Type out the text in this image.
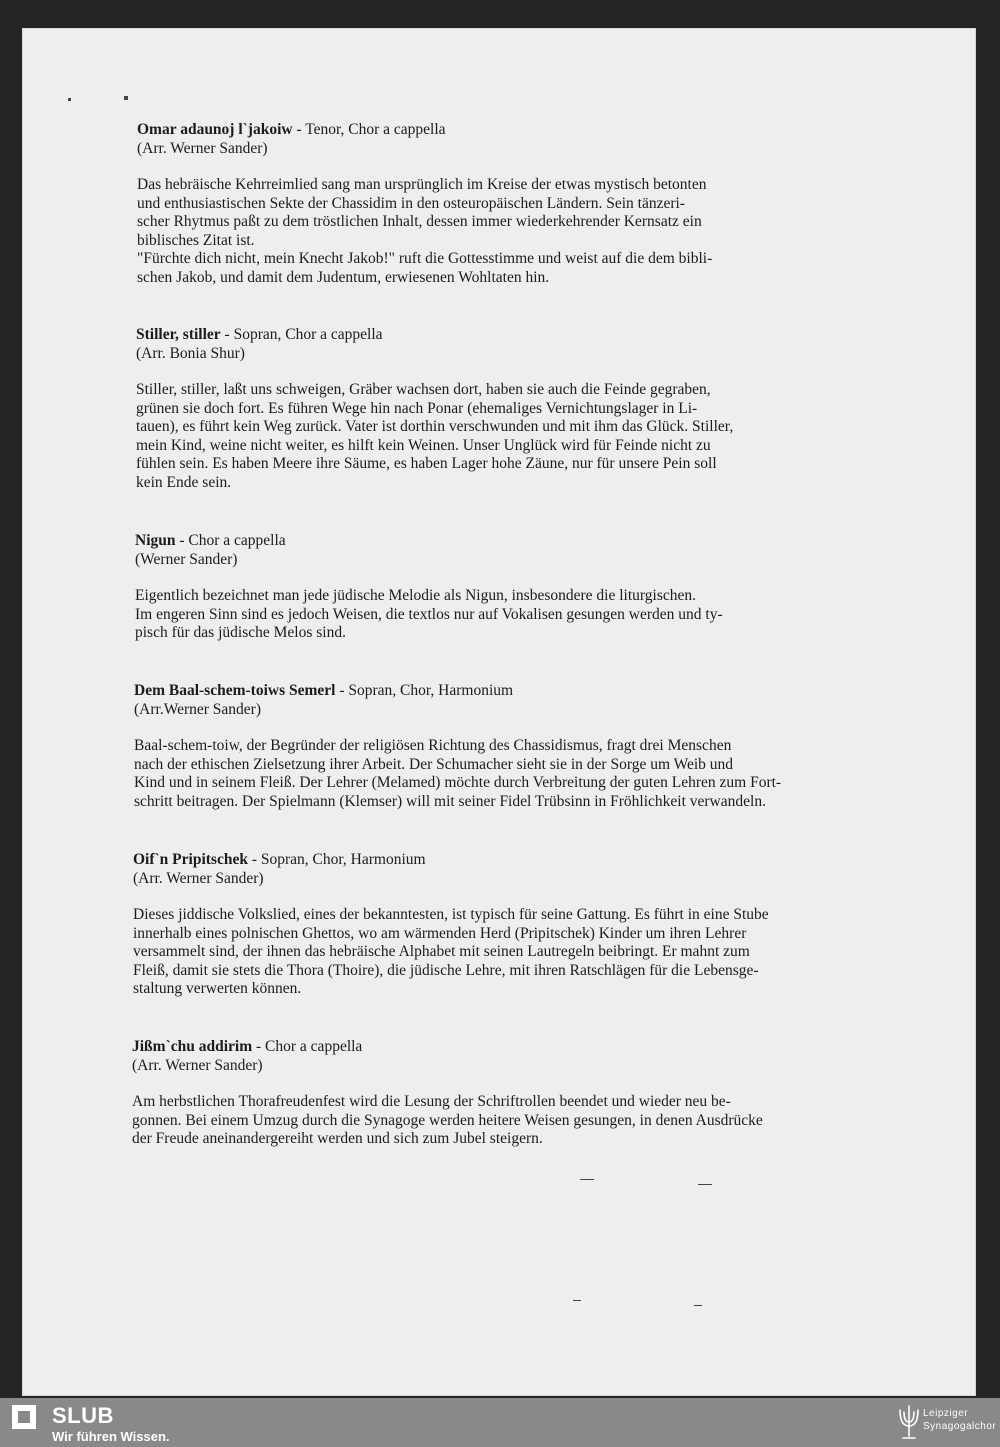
Omar adaunoj l`jakoiw - Tenor, Chor a cappella
(Arr. Werner Sander)
Das hebräische Kehrreimlied sang man ursprünglich im Kreise der etwas mystisch betonten
und enthusiastischen Sekte der Chassidim in den osteuropäischen Ländern. Sein tänzeri-
scher Rhytmus paßt zu dem tröstlichen Inhalt, dessen immer wiederkehrender Kernsatz ein
biblisches Zitat ist.
"Fürchte dich nicht, mein Knecht Jakob!" ruft die Gottesstimme und weist auf die dem bibli-
schen Jakob, und damit dem Judentum, erwiesenen Wohltaten hin.
Stiller, stiller - Sopran, Chor a cappella
(Arr. Bonia Shur)
Stiller, stiller, laßt uns schweigen, Gräber wachsen dort, haben sie auch die Feinde gegraben,
grünen sie doch fort. Es führen Wege hin nach Ponar (ehemaliges Vernichtungslager in Li-
tauen), es führt kein Weg zurück. Vater ist dorthin verschwunden und mit ihm das Glück. Stiller,
mein Kind, weine nicht weiter, es hilft kein Weinen. Unser Unglück wird für Feinde nicht zu
fühlen sein. Es haben Meere ihre Säume, es haben Lager hohe Zäune, nur für unsere Pein soll
kein Ende sein.
Nigun - Chor a cappella
(Werner Sander)
Eigentlich bezeichnet man jede jüdische Melodie als Nigun, insbesondere die liturgischen.
Im engeren Sinn sind es jedoch Weisen, die textlos nur auf Vokalisen gesungen werden und ty-
pisch für das jüdische Melos sind.
Dem Baal-schem-toiws Semerl - Sopran, Chor, Harmonium
(Arr.Werner Sander)
Baal-schem-toiw, der Begründer der religiösen Richtung des Chassidismus, fragt drei Menschen
nach der ethischen Zielsetzung ihrer Arbeit. Der Schumacher sieht sie in der Sorge um Weib und
Kind und in seinem Fleiß. Der Lehrer (Melamed) möchte durch Verbreitung der guten Lehren zum Fort-
schritt beitragen. Der Spielmann (Klemser) will mit seiner Fidel Trübsinn in Fröhlichkeit verwandeln.
Oif`n Pripitschek - Sopran, Chor, Harmonium
(Arr. Werner Sander)
Dieses jiddische Volkslied, eines der bekanntesten, ist typisch für seine Gattung. Es führt in eine Stube
innerhalb eines polnischen Ghettos, wo am wärmenden Herd (Pripitschek) Kinder um ihren Lehrer
versammelt sind, der ihnen das hebräische Alphabet mit seinen Lautregeln beibringt. Er mahnt zum
Fleiß, damit sie stets die Thora (Thoire), die jüdische Lehre, mit ihren Ratschlägen für die Lebensge-
staltung verwerten können.
Jißm`chu addirim - Chor a cappella
(Arr. Werner Sander)
Am herbstlichen Thorafreudenfest wird die Lesung der Schriftrollen beendet und wieder neu be-
gonnen. Bei einem Umzug durch die Synagoge werden heitere Weisen gesungen, in denen Ausdrücke
der Freude aneinandergereiht werden und sich zum Jubel steigern.
SLUB
Wir führen Wissen.
Leipziger
Synagogalchor
